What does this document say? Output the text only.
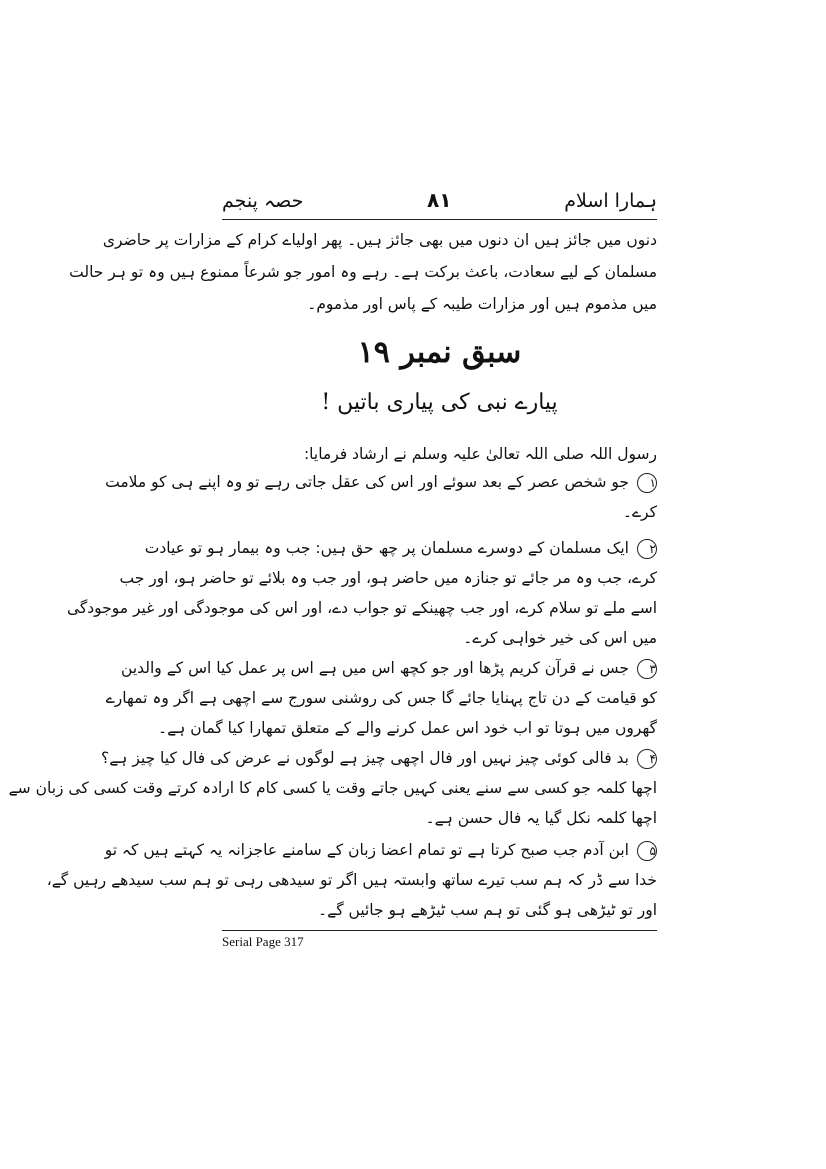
ہمارا اسلام
۸۱
حصہ پنجم
دنوں میں جائز ہیں ان دنوں میں بھی جائز ہیں۔ پھر اولیاے کرام کے مزارات پر حاضری
مسلمان کے لیے سعادت، باعث برکت ہے۔ رہے وہ امور جو شرعاً ممنوع ہیں وہ تو ہر حالت
میں مذموم ہیں اور مزارات طیبہ کے پاس اور مذموم۔
سبق نمبر ۱۹
پیارے نبی کی پیاری باتیں !
رسول اللہ صلی اللہ تعالیٰ علیہ وسلم نے ارشاد فرمایا:
۱جو شخص عصر کے بعد سوئے اور اس کی عقل جاتی رہے تو وہ اپنے ہی کو ملامت
کرے۔
۲ایک مسلمان کے دوسرے مسلمان پر چھ حق ہیں: جب وہ بیمار ہو تو عیادت
کرے، جب وہ مر جائے تو جنازہ میں حاضر ہو، اور جب وہ بلائے تو حاضر ہو، اور جب
اسے ملے تو سلام کرے، اور جب چھینکے تو جواب دے، اور اس کی موجودگی اور غیر موجودگی
میں اس کی خیر خواہی کرے۔
۳جس نے قرآن کریم پڑھا اور جو کچھ اس میں ہے اس پر عمل کیا اس کے والدین
کو قیامت کے دن تاج پہنایا جائے گا جس کی روشنی سورج سے اچھی ہے اگر وہ تمھارے
گھروں میں ہوتا تو اب خود اس عمل کرنے والے کے متعلق تمھارا کیا گمان ہے۔
۴بد فالی کوئی چیز نہیں اور فال اچھی چیز ہے لوگوں نے عرض کی فال کیا چیز ہے؟
اچھا کلمہ جو کسی سے سنے یعنی کہیں جاتے وقت یا کسی کام کا ارادہ کرتے وقت کسی کی زبان سے
اچھا کلمہ نکل گیا یہ فال حسن ہے۔
۵ابن آدم جب صبح کرتا ہے تو تمام اعضا زبان کے سامنے عاجزانہ یہ کہتے ہیں کہ تو
خدا سے ڈر کہ ہم سب تیرے ساتھ وابستہ ہیں اگر تو سیدھی رہی تو ہم سب سیدھے رہیں گے،
اور تو ٹیڑھی ہو گئی تو ہم سب ٹیڑھے ہو جائیں گے۔
Serial Page 317
